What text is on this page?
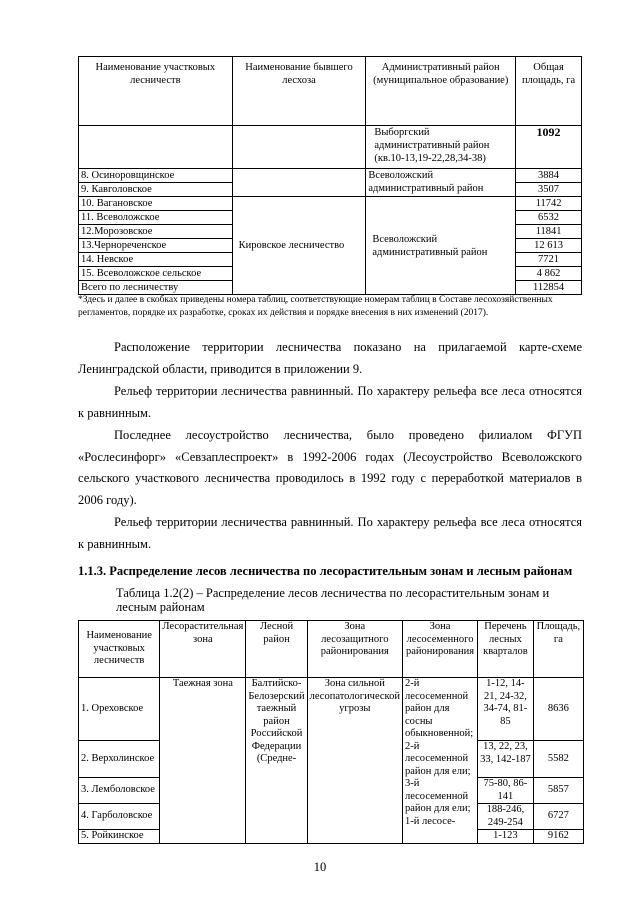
Наименование участковых лесничеств	Наименование бывшего лесхоза	Административный район (муниципальное образование)	Общая площадь, га
		Выборгский административный район (кв.10-13,19-22,28,34-38)	1092
8. Осиноровщинское		Всеволожский административный район	3884
9. Кавголовское			3507
10. Вагановское	Кировское лесничество	Всеволожский административный район	11742
11. Всеволожское			6532
12.Морозовское			11841
13.Чернореченское			12 613
14. Невское			7721
15. Всеволожское сельское			4 862
Всего по лесничеству			112854
*Здесь и далее в скобках приведены номера таблиц, соответствующие номерам таблиц в Составе лесохозяйственных регламентов, порядке их разработке, сроках их действия и порядке внесения в них изменений (2017).

Расположение территории лесничества показано на прилагаемой карте-схеме Ленинградской области, приводится в приложении 9.

Рельеф территории лесничества равнинный. По характеру рельефа все леса относятся к равнинным.

Последнее лесоустройство лесничества, было проведено филиалом ФГУП «Рослесинфорг» «Севзаплеспроект» в 1992-2006 годах (Лесоустройство Всеволожского сельского участкового лесничества проводилось в 1992 году с переработкой материалов в 2006 году).

Рельеф территории лесничества равнинный. По характеру рельефа все леса относятся к равнинным.

1.1.3. Распределение лесов лесничества по лесорастительным зонам и лесным районам
Таблица 1.2(2) – Распределение лесов лесничества по лесорастительным зонам и лесным районам
Наименование участковых лесничеств	Лесорастительная зона	Лесной район	Зона лесозащитного районирования	Зона лесосеменного районирования	Перечень лесных кварталов	Площадь, га
1. Ореховское	Таежная зона	Балтийско-Белозерский таежный район Российской Федерации (Средне-	Зона сильной лесопатологической угрозы	2-й лесосеменной район для сосны обыкновенной; 2-й лесосеменной район для ели; 3-й лесосеменной район для ели; 1-й лесосе-	1-12, 14-21, 24-32, 34-74, 81-85	8636
2. Верхолинское					13, 22, 23, 33, 142-187	5582
3. Лемболовское					75-80, 86-141	5857
4. Гарболовское					188-246, 249-254	6727
5. Ройкинское					1-123	9162
10
